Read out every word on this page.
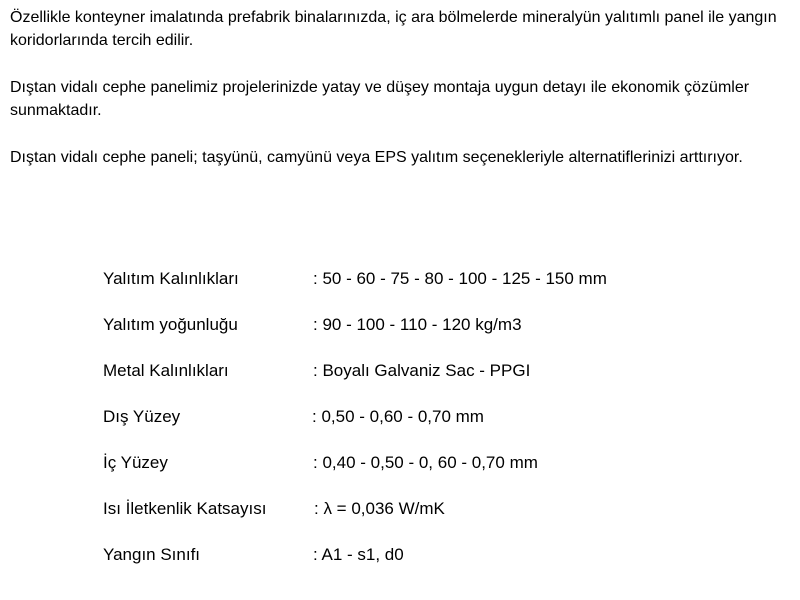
Özellikle konteyner imalatında prefabrik binalarınızda, iç ara bölmelerde mineralyün yalıtımlı panel ile yangın koridorlarında tercih edilir.

Dıştan vidalı cephe panelimiz projelerinizde yatay ve düşey montaja uygun detayı ile ekonomik çözümler sunmaktadır.

Dıştan vidalı cephe paneli; taşyünü, camyünü veya EPS yalıtım seçenekleriyle alternatiflerinizi arttırıyor.

Yalıtım Kalınlıkları	: 50 - 60 - 75 - 80 - 100 - 125 - 150 mm
Yalıtım yoğunluğu	: 90 - 100 - 110 - 120 kg/m3
Metal Kalınlıkları	: Boyalı Galvaniz Sac - PPGI
Dış Yüzey	: 0,50 - 0,60 - 0,70 mm
İç Yüzey	: 0,40 - 0,50 - 0, 60 - 0,70 mm
Isı İletkenlik Katsayısı	: λ = 0,036 W/mK
Yangın Sınıfı	: A1 - s1, d0
